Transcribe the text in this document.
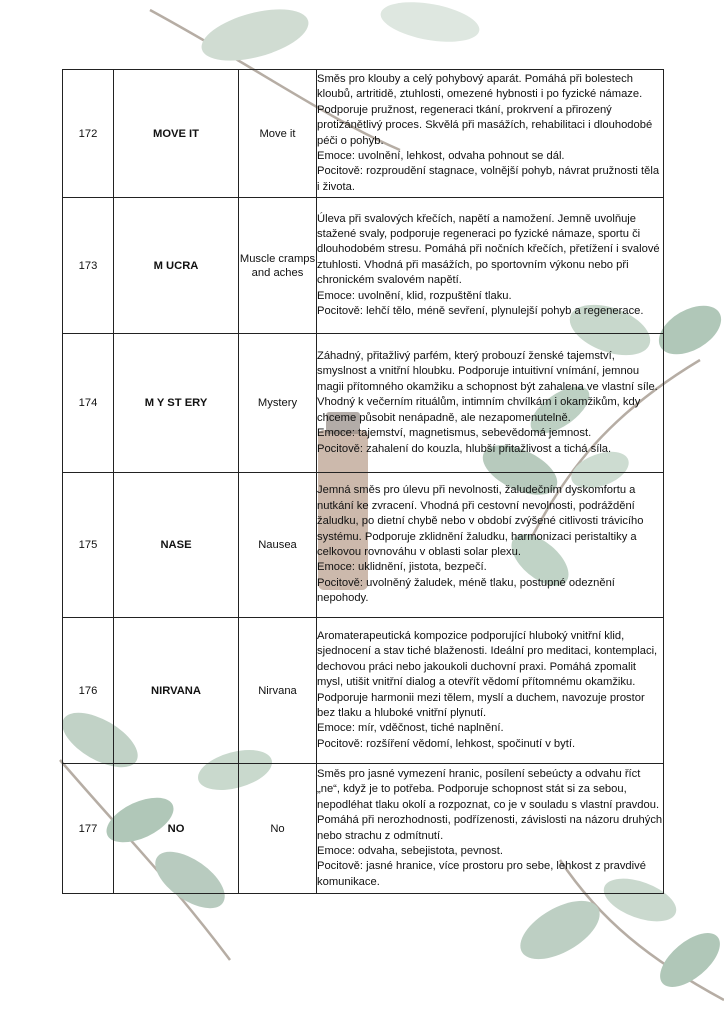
172	MOVE IT	Move it	Směs pro klouby a celý pohybový aparát. Pomáhá při bolestech kloubů, artritidě, ztuhlosti, omezené hybnosti i po fyzické námaze. Podporuje pružnost, regeneraci tkání, prokrvení a přirozený protizánětlivý proces. Skvělá při masážích, rehabilitaci i dlouhodobé péči o pohyb.
Emoce: uvolnění, lehkost, odvaha pohnout se dál.
Pocitově: rozproudění stagnace, volnější pohyb, návrat pružnosti těla i života.

173	M UCRA	Muscle cramps and aches	Úleva při svalových křečích, napětí a namožení. Jemně uvolňuje stažené svaly, podporuje regeneraci po fyzické námaze, sportu či dlouhodobém stresu. Pomáhá při nočních křečích, přetížení i svalové ztuhlosti. Vhodná při masážích, po sportovním výkonu nebo při chronickém svalovém napětí.
Emoce: uvolnění, klid, rozpuštění tlaku.
Pocitově: lehčí tělo, méně sevření, plynulejší pohyb a regenerace.

174	M Y ST ERY	Mystery	Záhadný, přitažlivý parfém, který probouzí ženské tajemství, smyslnost a vnitřní hloubku. Podporuje intuitivní vnímání, jemnou magii přítomného okamžiku a schopnost být zahalena ve vlastní síle. Vhodný k večerním rituálům, intimním chvílkám i okamžikům, kdy chceme působit nenápadně, ale nezapomenutelně.
Emoce: tajemství, magnetismus, sebevědomá jemnost.
Pocitově: zahalení do kouzla, hlubší přitažlivost a tichá síla.

175	NASE	Nausea	Jemná směs pro úlevu při nevolnosti, žaludečním dyskomfortu a nutkání ke zvracení. Vhodná při cestovní nevolnosti, podráždění žaludku, po dietní chybě nebo v období zvýšené citlivosti trávicího systému. Podporuje zklidnění žaludku, harmonizaci peristaltiky a celkovou rovnováhu v oblasti solar plexu.
Emoce: uklidnění, jistota, bezpečí.
Pocitově: uvolněný žaludek, méně tlaku, postupné odeznění nepohody.

176	NIRVANA	Nirvana	Aromaterapeutická kompozice podporující hluboký vnitřní klid, sjednocení a stav tiché blaženosti. Ideální pro meditaci, kontemplaci, dechovou práci nebo jakoukoli duchovní praxi. Pomáhá zpomalit mysl, utišit vnitřní dialog a otevřít vědomí přítomnému okamžiku. Podporuje harmonii mezi tělem, myslí a duchem, navozuje prostor bez tlaku a hluboké vnitřní plynutí.
Emoce: mír, vděčnost, tiché naplnění.
Pocitově: rozšíření vědomí, lehkost, spočinutí v bytí.

177	NO	No	Směs pro jasné vymezení hranic, posílení sebeúcty a odvahu říct „ne“, když je to potřeba. Podporuje schopnost stát si za sebou, nepodléhat tlaku okolí a rozpoznat, co je v souladu s vlastní pravdou. Pomáhá při nerozhodnosti, podřízenosti, závislosti na názoru druhých nebo strachu z odmítnutí.
Emoce: odvaha, sebejistota, pevnost.
Pocitově: jasné hranice, více prostoru pro sebe, lehkost z pravdivé komunikace.
